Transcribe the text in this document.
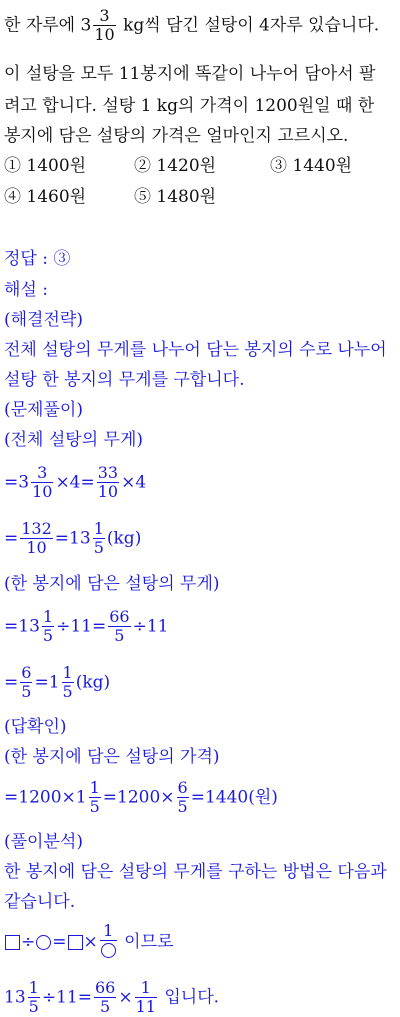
한 자루에 $3 \frac{3}{10}$ kg씩 담긴 설탕이 4자루 있습니다.
이 설탕을 모두 11봉지에 똑같이 나누어 담아서 팔
려고 합니다. 설탕 1 kg의 가격이 1200원일 때 한
봉지에 담은 설탕의 가격은 얼마인지 고르시오.
① 1400원	② 1420원	③ 1440원
④ 1460원	⑤ 1480원
정답 : ③
해설 :
(해결전략)
전체 설탕의 무게를 나누어 담는 봉지의 수로 나누어
설탕 한 봉지의 무게를 구합니다.
(문제풀이)
(전체 설탕의 무게)
$=3 \frac{3}{10} \times 4= \frac{33}{10} \times 4$
= $\frac{132}{10} =13 \frac{1}{5} (kg)$
(한 봉지에 담은 설탕의 무게)
$=13 \frac{1}{5} \div 11= \frac{66}{5} \div 11$
= $\frac{6}{5} =1 \frac{1}{5} (kg)$
(답확인)
(한 봉지에 담은 설탕의 가격)
$=1200\times 1 \frac{1}{5} =1200\times \frac{6}{5} =1440$(원)
(풀이분석)
한 봉지에 담은 설탕의 무게를 구하는 방법은 다음과
같습니다.
÷ = ×
1
이므로
$13 \frac{1}{5} \div 11= \frac{66}{5} \times \frac{1}{11}$ 입니다.
